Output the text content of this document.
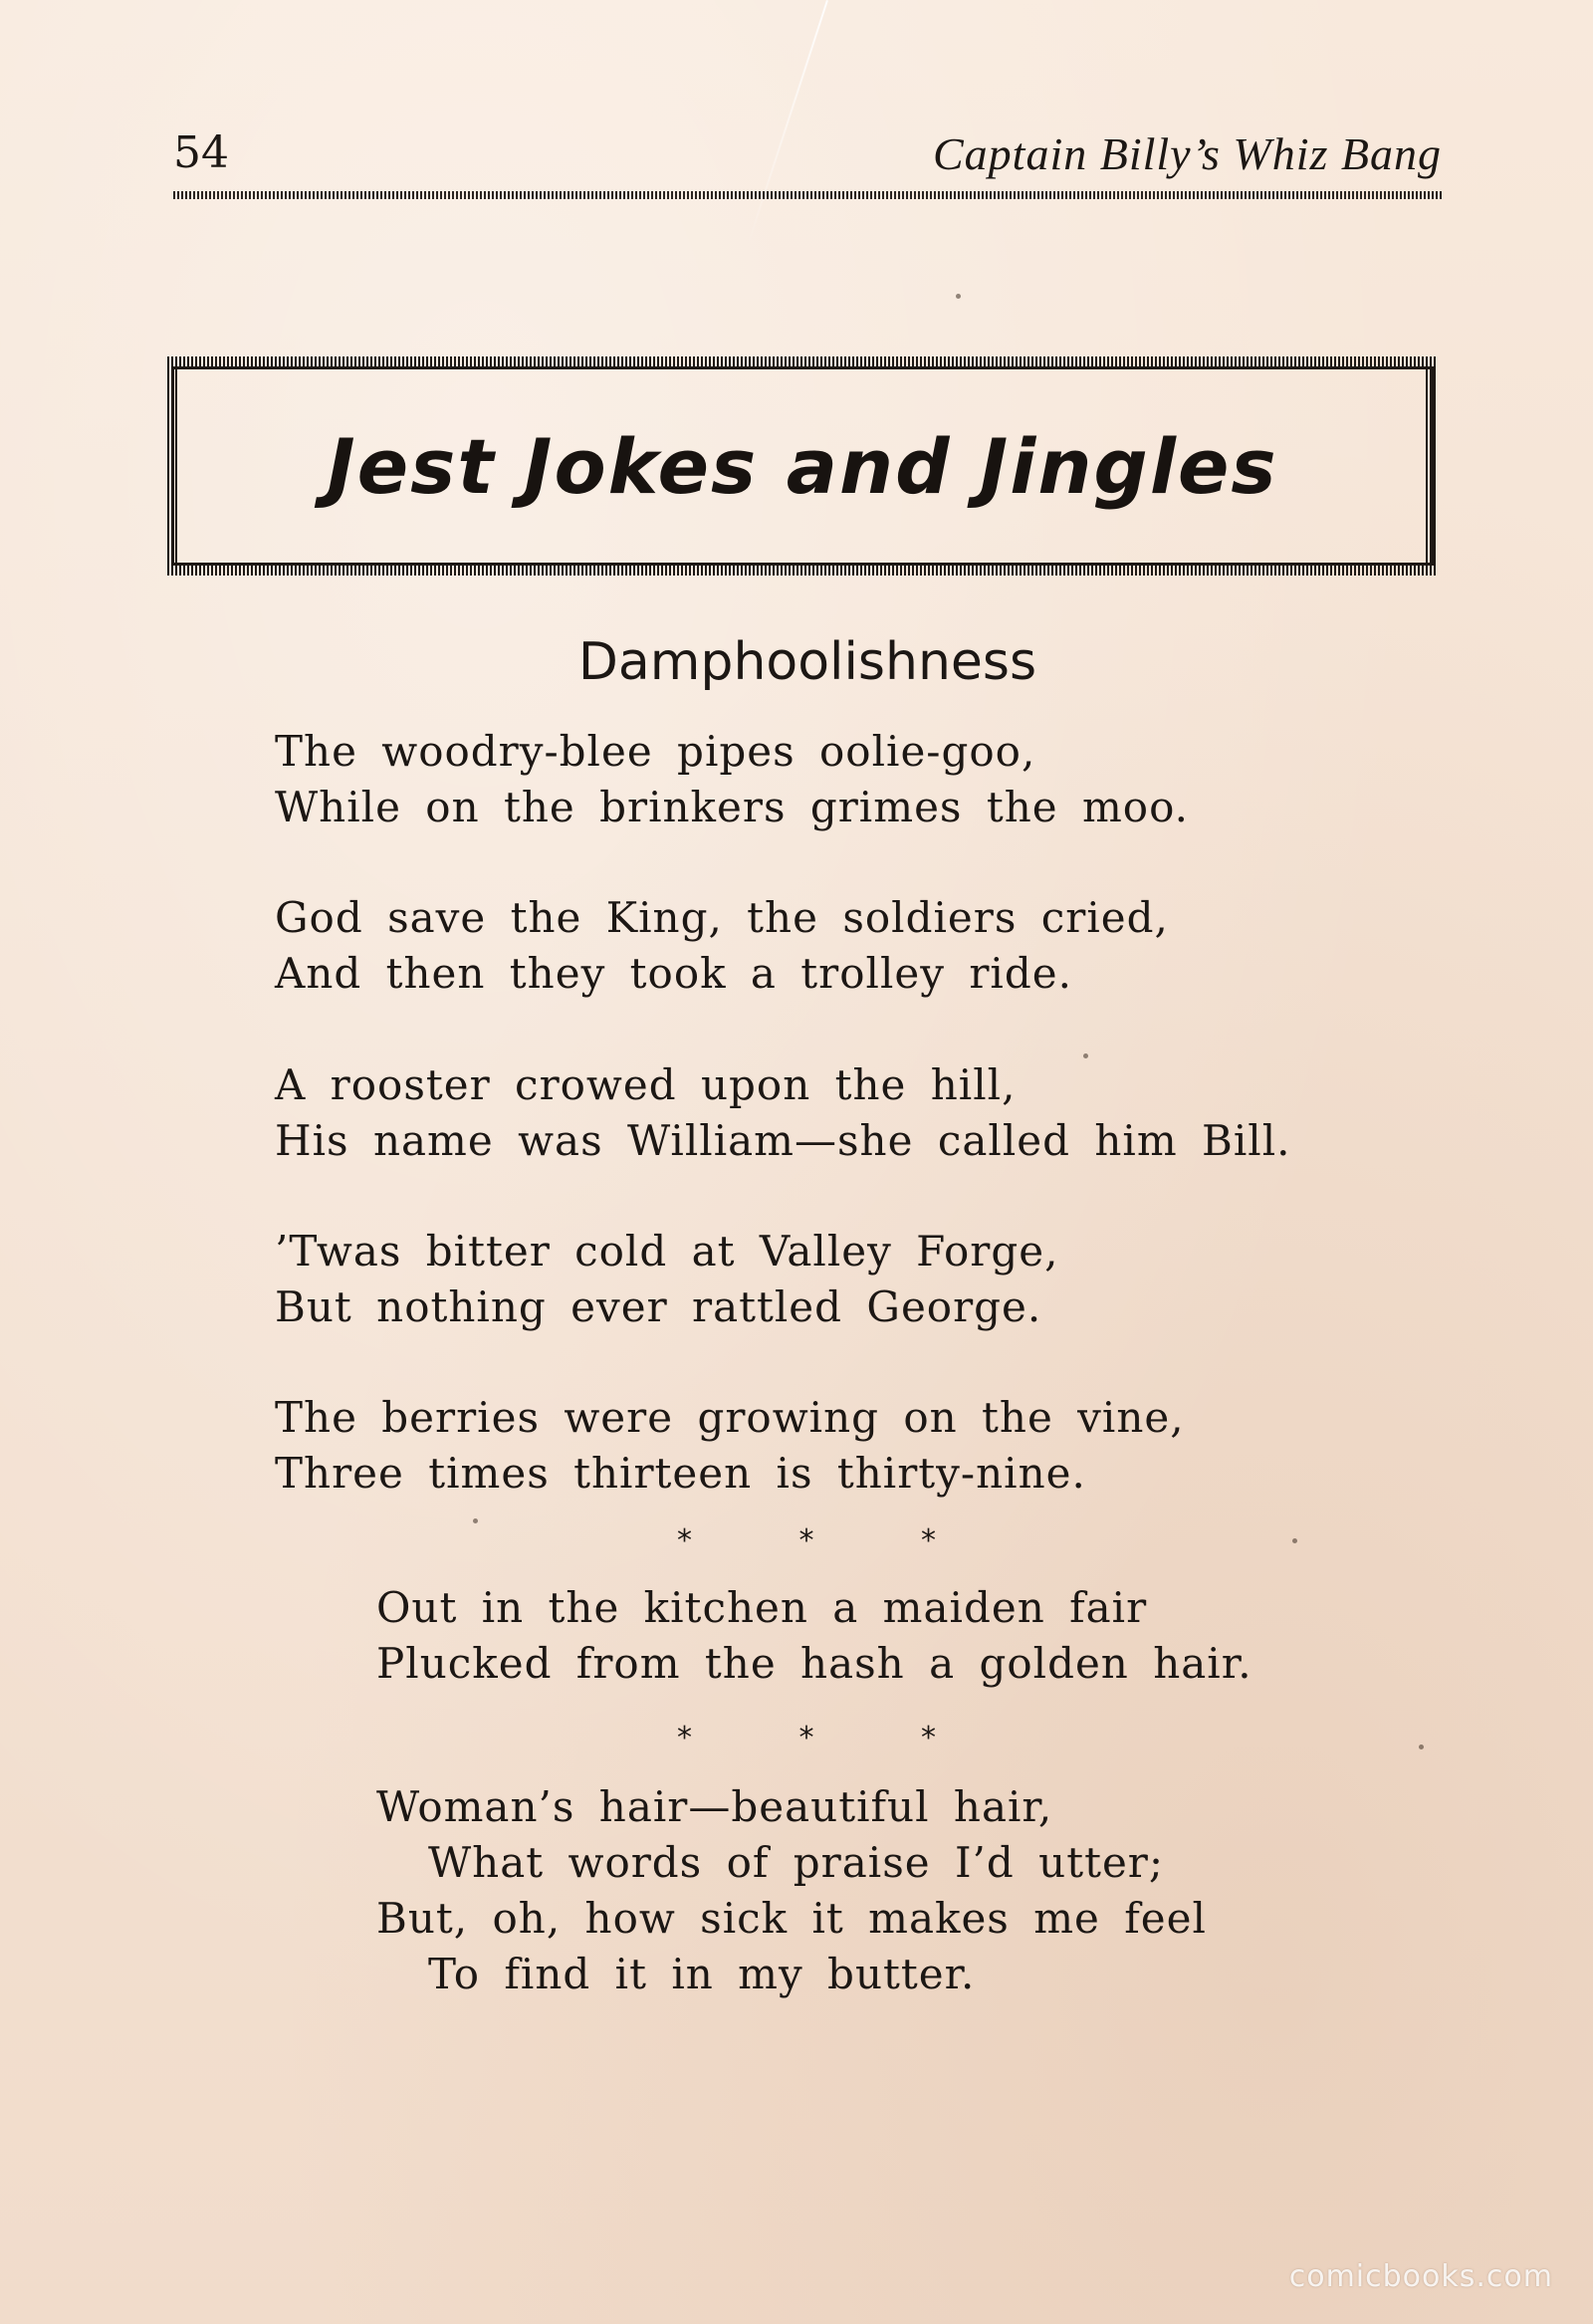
54	Captain Billy’s Whiz Bang
Jest Jokes and Jingles
Damphoolishness
The woodry-blee pipes oolie-goo,
While on the brinkers grimes the moo.
God save the King, the soldiers cried,
And then they took a trolley ride.
A rooster crowed upon the hill,
His name was William—she called him Bill.
’Twas bitter cold at Valley Forge,
But nothing ever rattled George.
The berries were growing on the vine,
Three times thirteen is thirty-nine.
*	*	*
Out in the kitchen a maiden fair
Plucked from the hash a golden hair.
*	*	*
Woman’s hair—beautiful hair,
What words of praise I’d utter;
But, oh, how sick it makes me feel
To find it in my butter.
comicbooks.com
